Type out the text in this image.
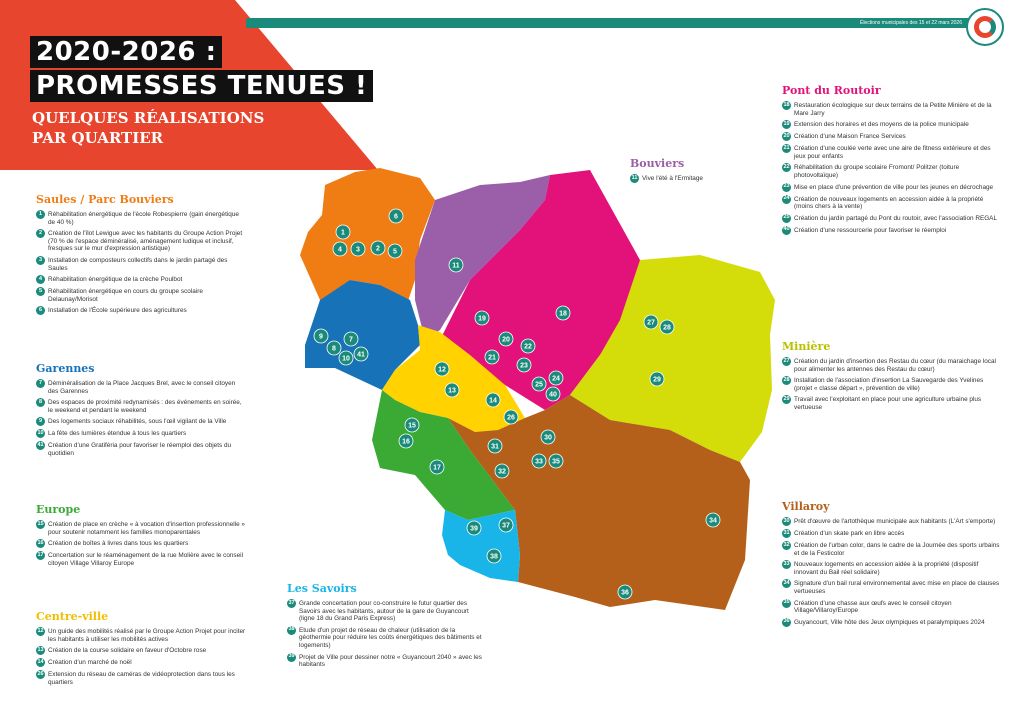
2020-2026 :
PROMESSES TENUES !
QUELQUES RÉALISATIONS
PAR QUARTIER
Élections municipales des 15 et 22 mars 2026
1
2
3
4	5
6
7
8
9
10
11
12
13
14
15
16
17
18
19
20
21
22
23
24
25
26
27
28
29
30
31
32
33
34
35
36
37
38
39
40
41
Saules / Parc Bouviers
1 Réhabilitation énergétique de l'école Robespierre (gain énergétique de 40 %)
2 Création de l'îlot Lewigue avec les habitants du Groupe Action Projet (70 % de l'espace déminéralisé, aménagement ludique et inclusif, fresques sur le mur d'expression artistique)
3 Installation de composteurs collectifs dans le jardin partagé des Saules
4 Réhabilitation énergétique de la crèche Poulbot
5 Réhabilitation énergétique en cours du groupe scolaire Delaunay/Morisot
6 Installation de l'École supérieure des agricultures
Garennes
7 Déminéralisation de la Place Jacques Brel, avec le conseil citoyen des Garennes
8 Des espaces de proximité redynamisés : des événements en soirée, le weekend et pendant le weekend
9 Des logements sociaux réhabilités, sous l'œil vigilant de la Ville
10 La fête des lumières étendue à tous les quartiers
41 Création d'une Gratiféria pour favoriser le réemploi des objets du quotidien
Europe
15 Création de place en crèche « à vocation d'insertion professionnelle » pour soutenir notamment les familles monoparentales
16 Création de boîtes à livres dans tous les quartiers
17 Concertation sur le réaménagement de la rue Molière avec le conseil citoyen Village Villaroy Europe
Centre-ville
12 Un guide des mobilités réalisé par le Groupe Action Projet pour inciter les habitants à utiliser les mobilités actives
13 Création de la course solidaire en faveur d'Octobre rose
14 Création d'un marché de noël
26 Extension du réseau de caméras de vidéoprotection dans tous les quartiers
Les Savoirs
37 Grande concertation pour co-construire le futur quartier des Savoirs avec les habitants, autour de la gare de Guyancourt (ligne 18 du Grand Paris Express)
38 Etude d'un projet de réseau de chaleur (utilisation de la géothermie pour réduire les coûts énergétiques des bâtiments et logements)
39 Projet de Ville pour dessiner notre « Guyancourt 2040 » avec les habitants
Bouviers
11 Vive l'été à l'Ermitage
Pont du Routoir
18 Restauration écologique sur deux terrains de la Petite Minière et de la Mare Jarry
19 Extension des horaires et des moyens de la police municipale
20 Création d'une Maison France Services
21 Création d'une coulée verte avec une aire de fitness extérieure et des jeux pour enfants
22 Réhabilitation du groupe scolaire Fromont/ Politzer (toiture photovoltaïque)
23 Mise en place d'une prévention de ville pour les jeunes en décrochage
24 Création de nouveaux logements en accession aidée à la propriété (moins chers à la vente)
25 Création du jardin partagé du Pont du routoir, avec l'association REGAL
40 Création d'une ressourcerie pour favoriser le réemploi
Minière
27 Création du jardin d'insertion des Restau du cœur (du maraichage local pour alimenter les antennes des Restau du cœur)
28 Installation de l'association d'insertion La Sauvegarde des Yvelines (projet « classe départ », prévention de ville)
29 Travail avec l'exploitant en place pour une agriculture urbaine plus vertueuse
Villaroy
30 Prêt d'œuvre de l'artothèque municipale aux habitants (L'Art s'emporte)
31 Création d'un skate park en libre accès
32 Création de l'urban color, dans le cadre de la Journée des sports urbains et de la Festicolor
33 Nouveaux logements en accession aidée à la propriété (dispositif innovant du Bail réel solidaire)
34 Signature d'un bail rural environnemental avec mise en place de clauses vertueuses
35 Création d'une chasse aux œufs avec le conseil citoyen Village/Villaroy/Europe
36 Guyancourt, Ville hôte des Jeux olympiques et paralympiques 2024
